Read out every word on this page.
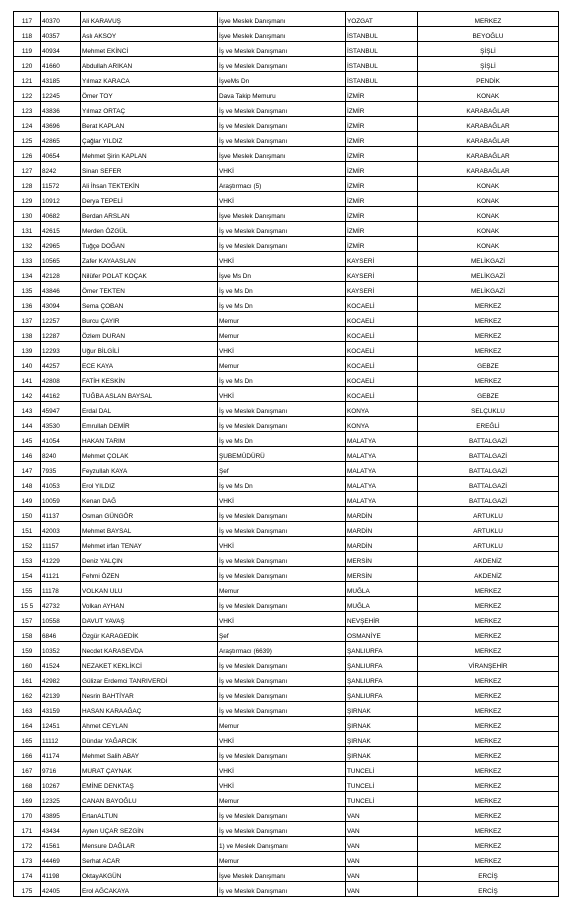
117	40370	Ali KARAVUŞ	İşve Meslek Danışmanı	YOZGAT	MERKEZ
118	40357	Aslı AKSOY	İşve Meslek Danışmanı	İSTANBUL	BEYOĞLU
119	40934	Mehmet EKİNCİ	İş ve Meslek Danışmanı	İSTANBUL	ŞİŞLİ
120	41660	Abdullah ARIKAN	İş ve Meslek Danışmanı	İSTANBUL	ŞİŞLİ
121	43185	Yılmaz KARACA	İşveMs Dn	İSTANBUL	PENDİK
122	12245	Ömer TOY	Dava Takip Memuru	İZMİR	KONAK
123	43836	Yılmaz ORTAÇ	İş ve Meslek Danışmanı	İZMİR	KARABAĞLAR
124	43696	Berat KAPLAN	İş ve Meslek Danışmanı	İZMİR	KARABAĞLAR
125	42865	Çağlar YILDIZ	İş ve Meslek Danışmanı	İZMİR	KARABAĞLAR
126	40654	Mehmet Şirin KAPLAN	İşve Meslek Danışmanı	İZMİR	KARABAĞLAR
127	8242	Sinan SEFER	VHKİ	İZMİR	KARABAĞLAR
128	11572	Ali İhsan TEKTEKİN	Araştırmacı (5)	İZMİR	KONAK
129	10912	Derya TEPELİ	VHKİ	İZMİR	KONAK
130	40682	Berdan ARSLAN	İşve Meslek Danışmanı	İZMİR	KONAK
131	42615	Merden ÖZGÜL	İş ve Meslek Danışmanı	İZMİR	KONAK
132	42965	Tuğçe DOĞAN	İş ve Meslek Danışmanı	İZMİR	KONAK
133	10565	Zafer KAYAASLAN	VHKİ	KAYSERİ	MELİKGAZİ
134	42128	Nilüfer POLAT KOÇAK	İşve Ms Dn	KAYSERİ	MELİKGAZİ
135	43846	Ömer TEKTEN	İş ve Ms Dn	KAYSERİ	MELİKGAZİ
136	43094	Sema ÇOBAN	İş ve Ms Dn	KOCAELİ	MERKEZ
137	12257	Burcu ÇAYIR	Memur	KOCAELİ	MERKEZ
138	12287	Özlem DURAN	Memur	KOCAELİ	MERKEZ
139	12293	Uğur BİLGİLİ	VHKİ	KOCAELİ	MERKEZ
140	44257	ECE KAYA	Memur	KOCAELİ	GEBZE
141	42808	FATİH KESKİN	İş ve Ms Dn	KOCAELİ	MERKEZ
142	44162	TUĞBA ASLAN BAYSAL	VHKİ	KOCAELİ	GEBZE
143	45947	Erdal DAL	İş ve Meslek Danışmanı	KONYA	SELÇUKLU
144	43530	Emrullah DEMİR	İş ve Meslek Danışmanı	KONYA	EREĞLİ
145	41054	HAKAN TARIM	İş ve Ms Dn	MALATYA	BATTALGAZİ
146	8240	Mehmet ÇOLAK	ŞUBEMÜDÜRÜ	MALATYA	BATTALGAZİ
147	7935	Feyzullah KAYA	Şef	MALATYA	BATTALGAZİ
148	41053	Erol YILDIZ	İş ve Ms Dn	MALATYA	BATTALGAZİ
149	10059	Kenan DAĞ	VHKİ	MALATYA	BATTALGAZİ
150	41137	Osman GÜNGÖR	İş ve Meslek Danışmanı	MARDİN	ARTUKLU
151	42003	Mehmet BAYSAL	İş ve Meslek Danışmanı	MARDİN	ARTUKLU
152	11157	Mehmet irfan TENAY	VHKİ	MARDİN	ARTUKLU
153	41229	Deniz YALÇIN	İş ve Meslek Danışmanı	MERSİN	AKDENİZ
154	41121	Fehmi ÖZEN	İş ve Meslek Danışmanı	MERSİN	AKDENİZ
155	11178	VOLKAN ULU	Memur	MUĞLA	MERKEZ
15 5	42732	Volkan AYHAN	İş ve Meslek Danışmanı	MUĞLA	MERKEZ
157	10558	DAVUT YAVAŞ	VHKİ	NEVŞEHİR	MERKEZ
158	6846	Özgür KARAGEDİK	Şef	OSMANİYE	MERKEZ
159	10352	Necdet KARASEVDA	Araştırmacı (6639)	ŞANLIURFA	MERKEZ
160	41524	NEZAKET KEKLİKCİ	İş ve Meslek Danışmanı	ŞANLIURFA	VİRANŞEHİR
161	42982	Gülizar Erdemci TANRIVERDİ	İş ve Meslek Danışmanı	ŞANLIURFA	MERKEZ
162	42139	Nesrin BAHTİYAR	İş ve Meslek Danışmanı	ŞANLIURFA	MERKEZ
163	43159	HASAN KARAAĞAÇ	İş ve Meslek Danışmanı	ŞIRNAK	MERKEZ
164	12451	Ahmet CEYLAN	Memur	ŞIRNAK	MERKEZ
165	11112	Dündar YAĞARCIK	VHKİ	ŞIRNAK	MERKEZ
166	41174	Mehmet Salih ABAY	İş ve Meslek Danışmanı	ŞIRNAK	MERKEZ
167	9716	MURAT ÇAYNAK	VHKİ	TUNCELİ	MERKEZ
168	10267	EMİNE DENKTAŞ	VHKİ	TUNCELİ	MERKEZ
169	12325	CANAN BAYOĞLU	Memur	TUNCELİ	MERKEZ
170	43895	ErtanALTUN	İş ve Meslek Danışmanı	VAN	MERKEZ
171	43434	Ayten UÇAR SEZGİN	İş ve Meslek Danışmanı	VAN	MERKEZ
172	41561	Mensure DAĞLAR	1) ve Meslek Danışmanı	VAN	MERKEZ
173	44469	Serhat ACAR	Memur	VAN	MERKEZ
174	41198	OktayAKGÜN	İşve Meslek Danışmanı	VAN	ERCİŞ
175	42405	Erol AĞCAKAYA	İş ve Meslek Danışmanı	VAN	ERCİŞ
